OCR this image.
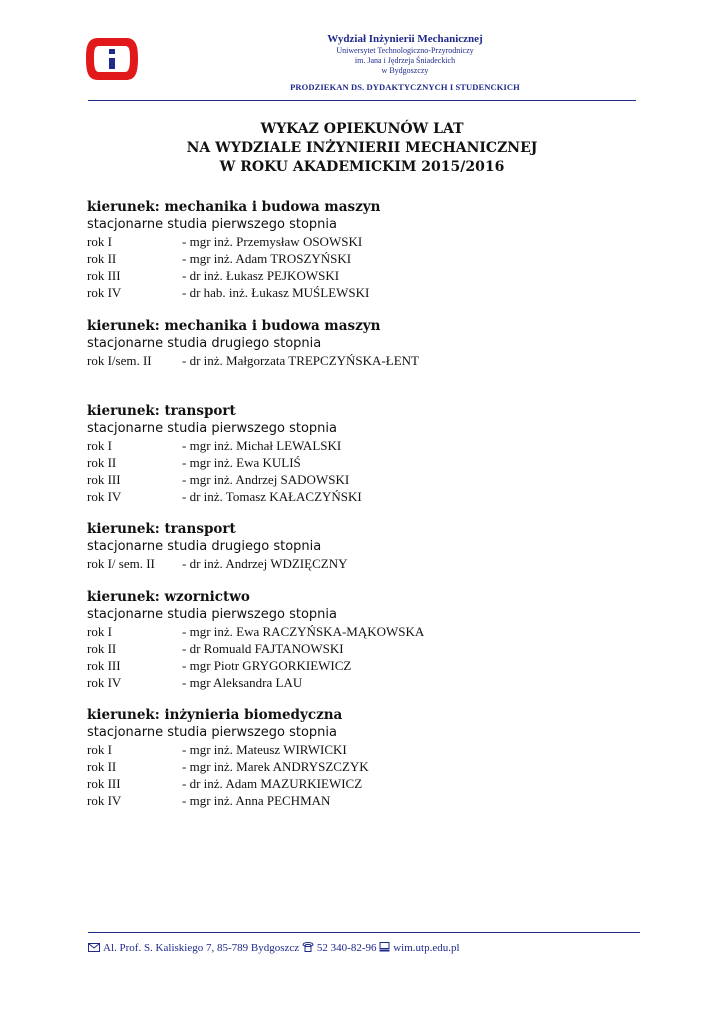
Wydział Inżynierii Mechanicznej
Uniwersytet Technologiczno-Przyrodniczy
im. Jana i Jędrzeja Śniadeckich
w Bydgoszczy
PRODZIEKAN DS. DYDAKTYCZNYCH I STUDENCKICH
WYKAZ OPIEKUNÓW LAT
NA WYDZIALE INŻYNIERII MECHANICZNEJ
W ROKU AKADEMICKIM 2015/2016
kierunek: mechanika i budowa maszyn
stacjonarne studia pierwszego stopnia
rok I	- mgr inż. Przemysław OSOWSKI
rok II	- mgr inż. Adam TROSZYŃSKI
rok III	- dr inż. Łukasz PEJKOWSKI
rok IV	- dr hab. inż. Łukasz MUŚLEWSKI
kierunek: mechanika i budowa maszyn
stacjonarne studia drugiego stopnia
rok I/sem. II - dr inż. Małgorzata TREPCZYŃSKA-ŁENT
kierunek: transport
stacjonarne studia pierwszego stopnia
rok I	- mgr inż. Michał LEWALSKI
rok II	- mgr inż. Ewa KULIŚ
rok III	- mgr inż. Andrzej SADOWSKI
rok IV	- dr inż. Tomasz KAŁACZYŃSKI
kierunek: transport
stacjonarne studia drugiego stopnia
rok I/ sem. II - dr inż. Andrzej WDZIĘCZNY
kierunek: wzornictwo
stacjonarne studia pierwszego stopnia
rok I	- mgr inż. Ewa RACZYŃSKA-MĄKOWSKA
rok II	- dr Romuald FAJTANOWSKI
rok III	- mgr Piotr GRYGORKIEWICZ
rok IV	- mgr Aleksandra LAU
kierunek: inżynieria biomedyczna
stacjonarne studia pierwszego stopnia
rok I	- mgr inż. Mateusz WIRWICKI
rok II	- mgr inż. Marek ANDRYSZCZYK
rok III	- dr inż. Adam MAZURKIEWICZ
rok IV	- mgr inż. Anna PECHMAN
Al. Prof. S. Kaliskiego 7, 85-789 Bydgoszcz 52 340-82-96 wim.utp.edu.pl
